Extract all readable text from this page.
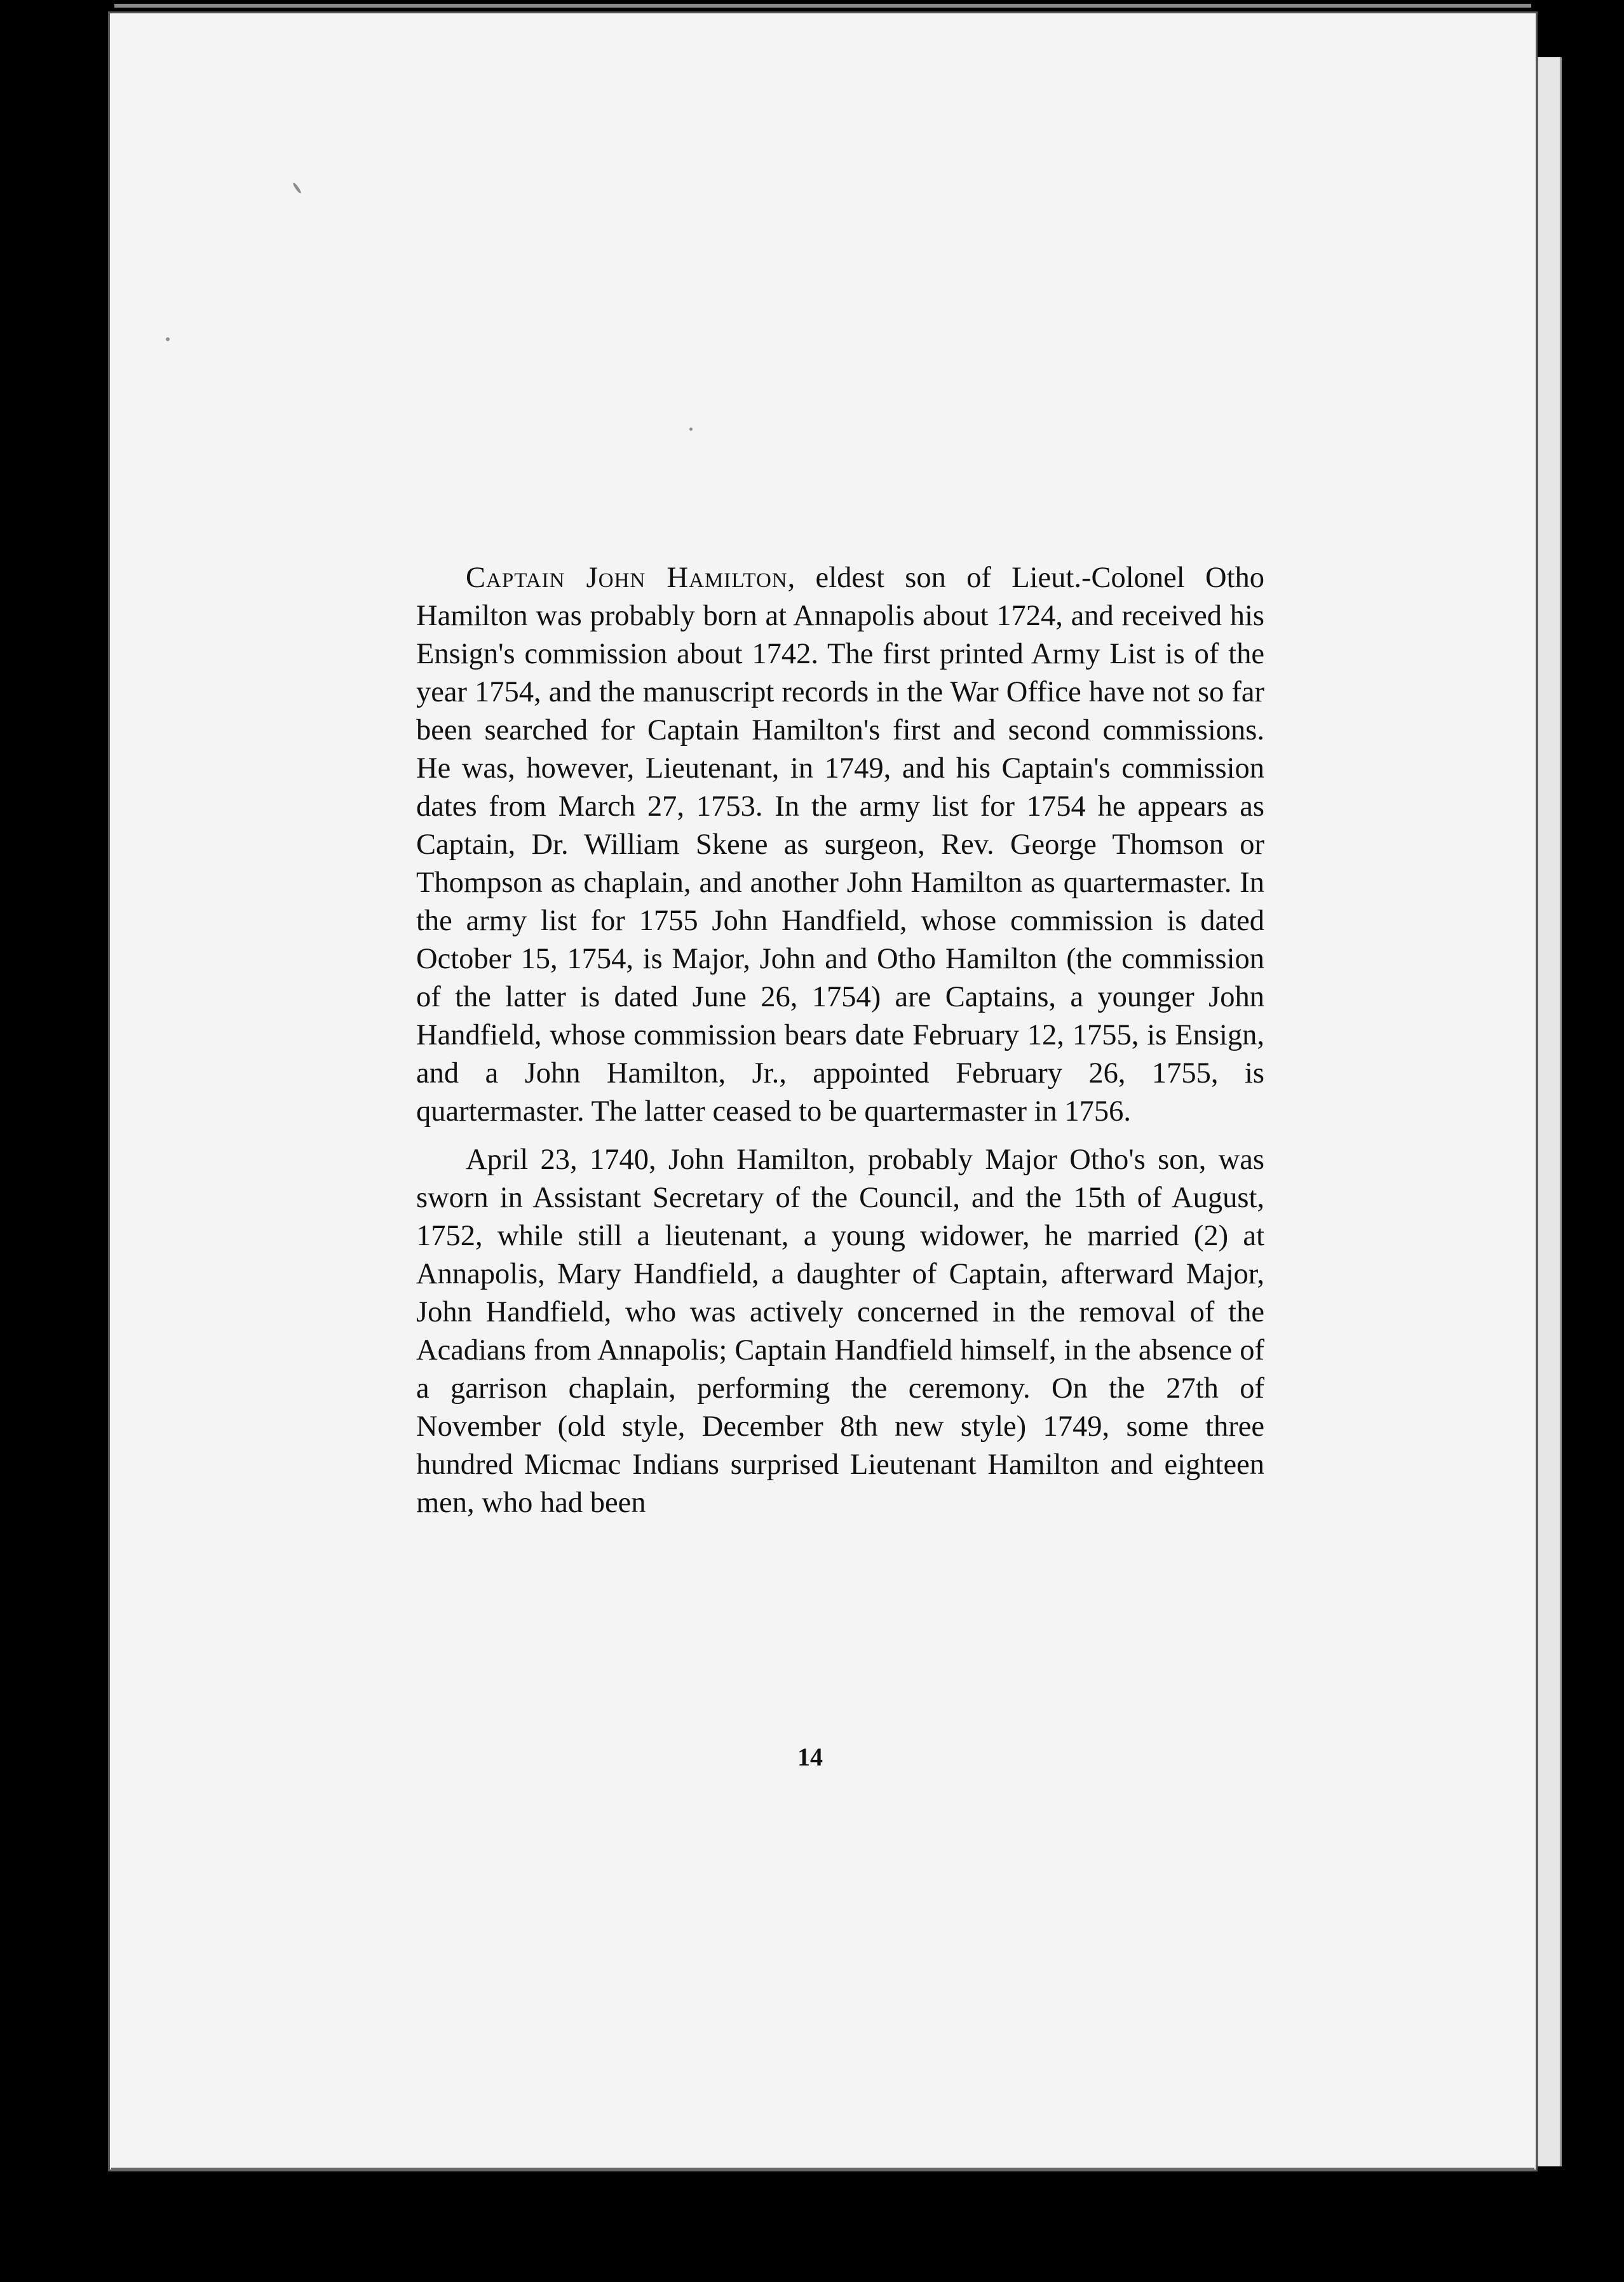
Captain John Hamilton, eldest son of Lieut.-Colonel Otho Hamilton was probably born at Annapolis about 1724, and received his Ensign's commission about 1742. The first printed Army List is of the year 1754, and the manuscript records in the War Office have not so far been searched for Captain Hamilton's first and second commissions. He was, however, Lieutenant, in 1749, and his Captain's commission dates from March 27, 1753. In the army list for 1754 he appears as Captain, Dr. William Skene as surgeon, Rev. George Thomson or Thompson as chaplain, and another John Hamilton as quartermaster. In the army list for 1755 John Handfield, whose commission is dated October 15, 1754, is Major, John and Otho Hamilton (the commission of the latter is dated June 26, 1754) are Captains, a younger John Handfield, whose commission bears date February 12, 1755, is Ensign, and a John Hamilton, Jr., appointed February 26, 1755, is quartermaster. The latter ceased to be quartermaster in 1756.

April 23, 1740, John Hamilton, probably Major Otho's son, was sworn in Assistant Secretary of the Council, and the 15th of August, 1752, while still a lieutenant, a young widower, he married (2) at Annapolis, Mary Handfield, a daughter of Captain, afterward Major, John Handfield, who was actively concerned in the removal of the Acadians from Annapolis; Captain Handfield himself, in the absence of a garrison chaplain, performing the ceremony. On the 27th of November (old style, December 8th new style) 1749, some three hundred Micmac Indians surprised Lieutenant Hamilton and eighteen men, who had been

14
